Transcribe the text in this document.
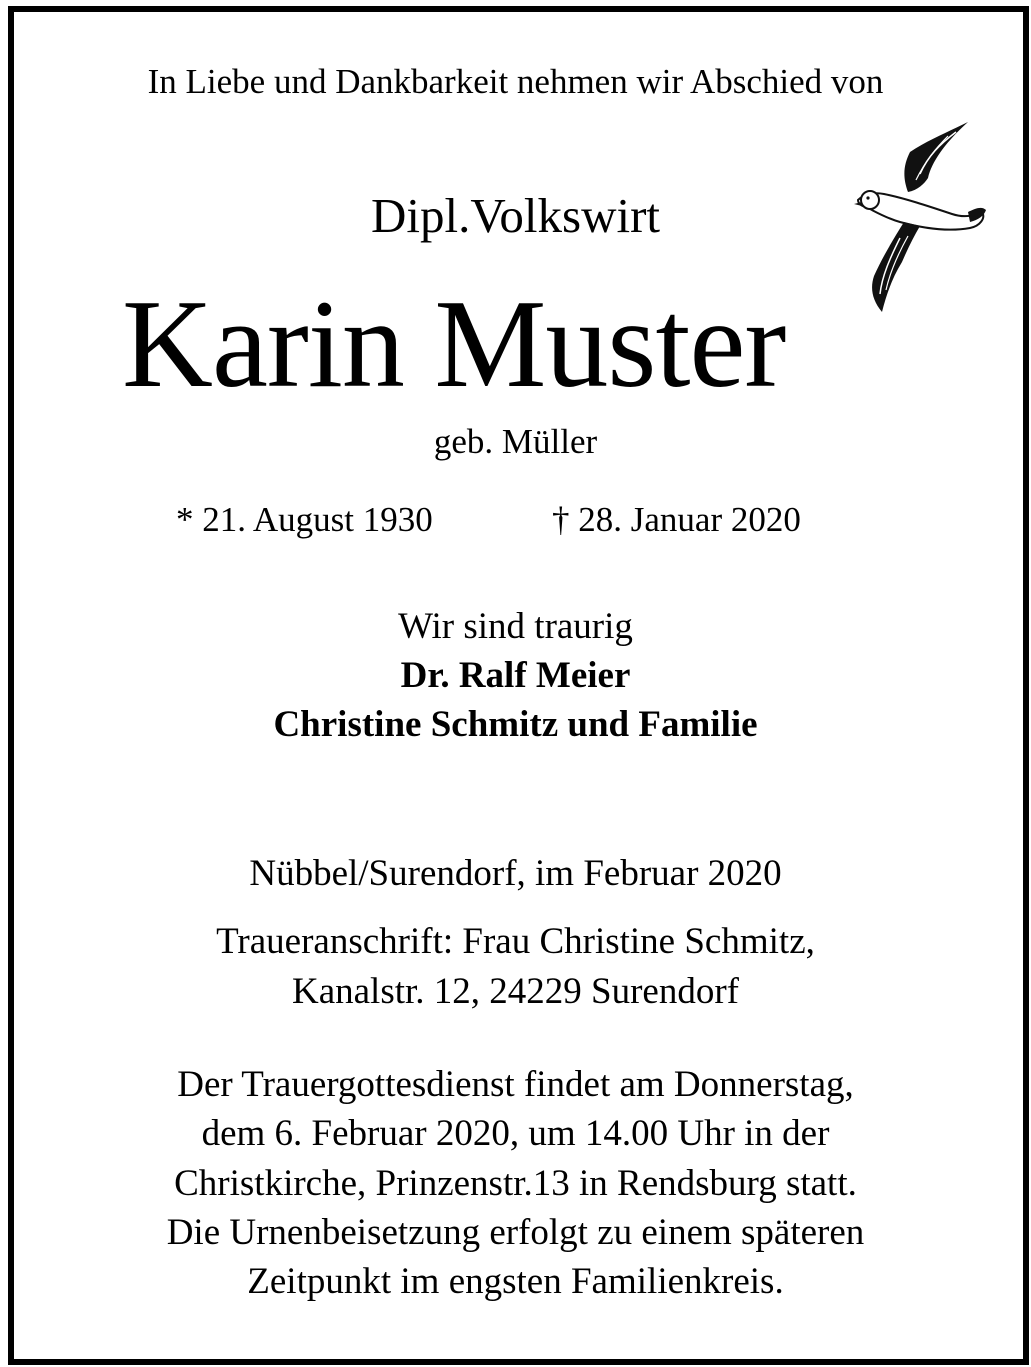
In Liebe und Dankbarkeit nehmen wir Abschied von
Dipl.Volkswirt
Karin Muster
geb. Müller
* 21. August 1930	† 28. Januar 2020
Wir sind traurig
Dr. Ralf Meier
Christine Schmitz und Familie
Nübbel/Surendorf, im Februar 2020
Traueranschrift: Frau Christine Schmitz,
Kanalstr. 12, 24229 Surendorf
Der Trauergottesdienst findet am Donnerstag,
dem 6. Februar 2020, um 14.00 Uhr in der
Christkirche, Prinzenstr.13 in Rendsburg statt.
Die Urnenbeisetzung erfolgt zu einem späteren
Zeitpunkt im engsten Familienkreis.
